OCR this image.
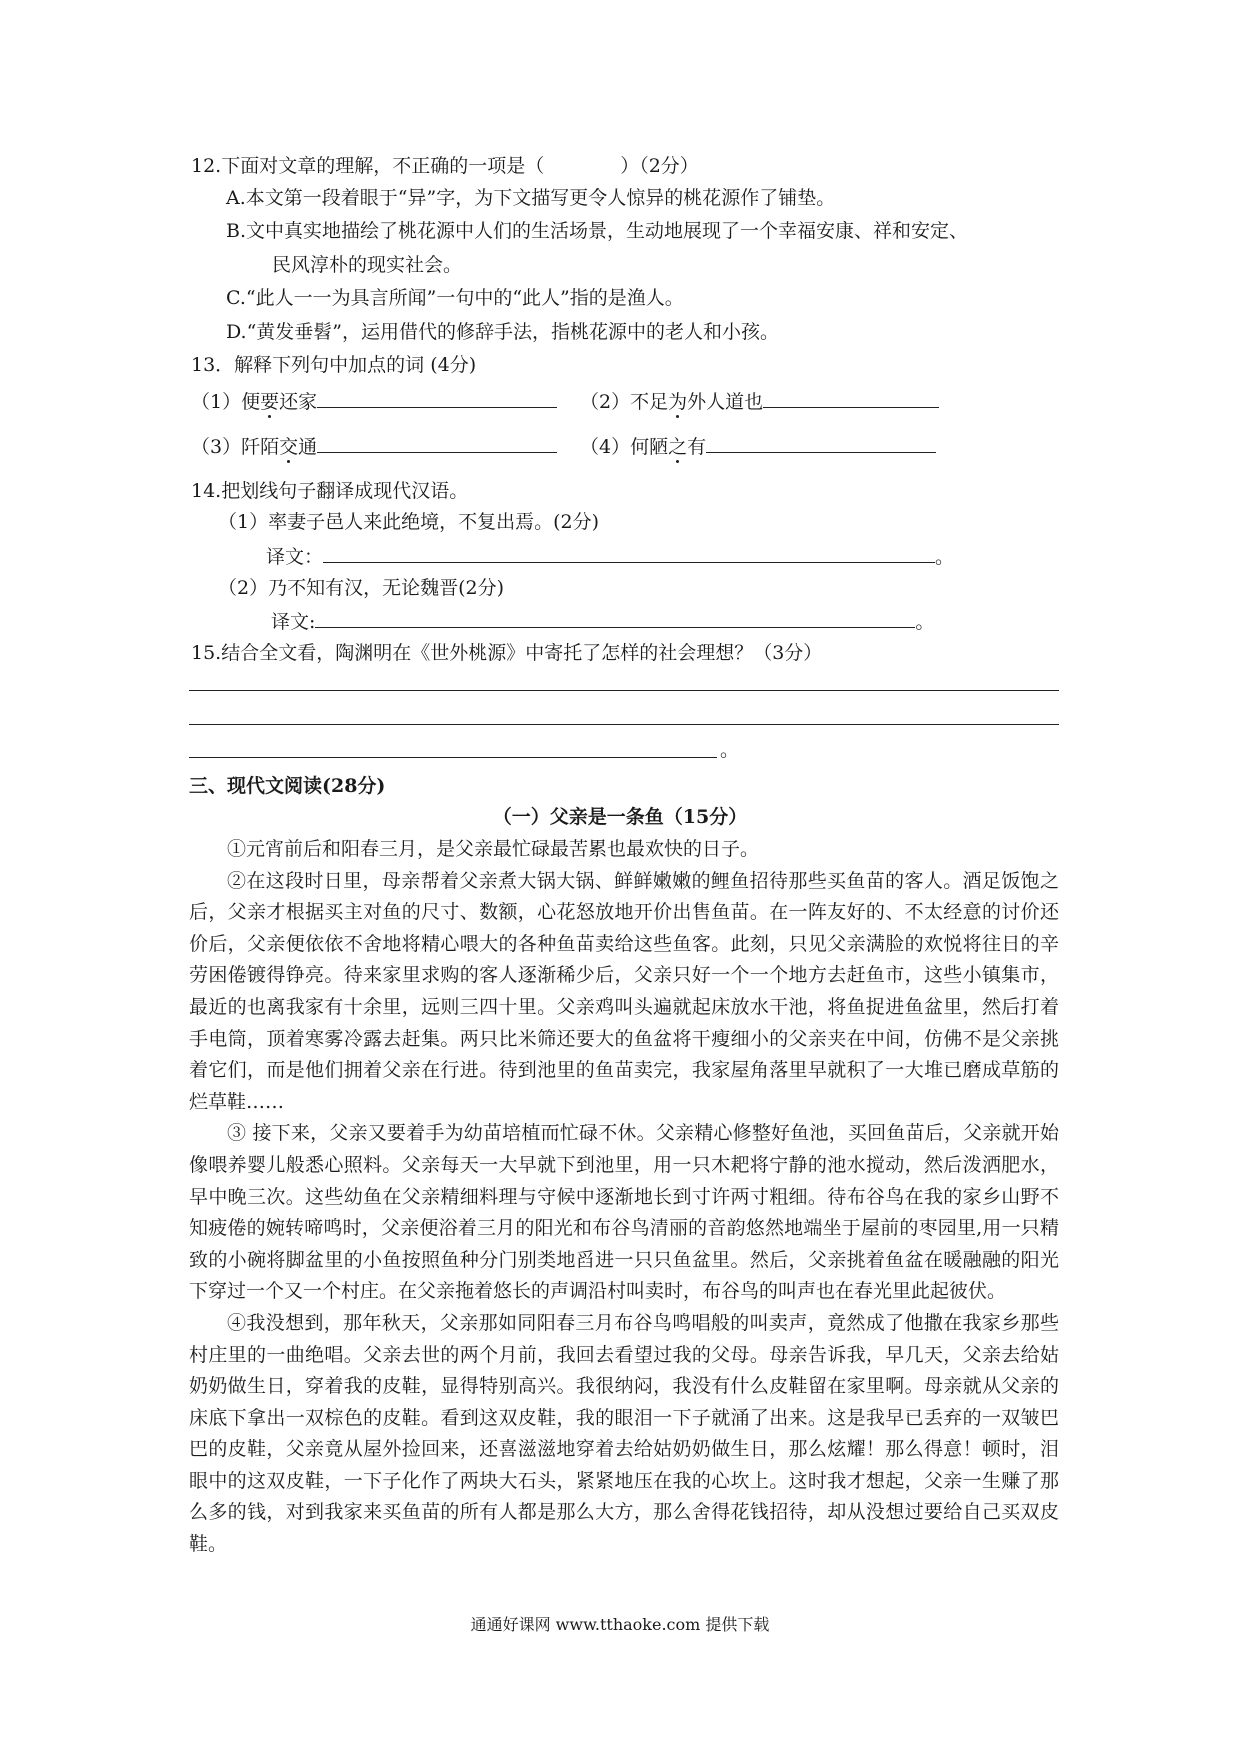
12.下面对文章的理解，不正确的一项是（　　　　）（2分）
A.本文第一段着眼于“异”字，为下文描写更令人惊异的桃花源作了铺垫。
B.文中真实地描绘了桃花源中人们的生活场景，生动地展现了一个幸福安康、祥和安定、
民风淳朴的现实社会。
C.“此人一一为具言所闻”一句中的“此人”指的是渔人。
D.“黄发垂髫”，运用借代的修辞手法，指桃花源中的老人和小孩。
13．解释下列句中加点的词 (4分)
（1）便要还家	（2）不足为外人道也
（3）阡陌交通	（4）何陋之有
14.把划线句子翻译成现代汉语。
（1）率妻子邑人来此绝境，不复出焉。(2分)
译文：	。
（2）乃不知有汉，无论魏晋(2分)
译文:	。
15.结合全文看，陶渊明在《世外桃源》中寄托了怎样的社会理想？（3分）
。
三、现代文阅读(28分)
（一）父亲是一条鱼（15分）

①元宵前后和阳春三月，是父亲最忙碌最苦累也最欢快的日子。

②在这段时日里，母亲帮着父亲煮大锅大锅、鲜鲜嫩嫩的鲤鱼招待那些买鱼苗的客人。酒足饭饱之后，父亲才根据买主对鱼的尺寸、数额，心花怒放地开价出售鱼苗。在一阵友好的、不太经意的讨价还价后，父亲便依依不舍地将精心喂大的各种鱼苗卖给这些鱼客。此刻，只见父亲满脸的欢悦将往日的辛劳困倦镀得铮亮。待来家里求购的客人逐渐稀少后，父亲只好一个一个地方去赶鱼市，这些小镇集市，最近的也离我家有十余里，远则三四十里。父亲鸡叫头遍就起床放水干池，将鱼捉进鱼盆里，然后打着手电筒，顶着寒雾冷露去赶集。两只比米筛还要大的鱼盆将干瘦细小的父亲夹在中间，仿佛不是父亲挑着它们，而是他们拥着父亲在行进。待到池里的鱼苗卖完，我家屋角落里早就积了一大堆已磨成草筋的烂草鞋……

③ 接下来，父亲又要着手为幼苗培植而忙碌不休。父亲精心修整好鱼池，买回鱼苗后，父亲就开始像喂养婴儿般悉心照料。父亲每天一大早就下到池里，用一只木耙将宁静的池水搅动，然后泼洒肥水，早中晚三次。这些幼鱼在父亲精细料理与守候中逐渐地长到寸许两寸粗细。待布谷鸟在我的家乡山野不知疲倦的婉转啼鸣时，父亲便浴着三月的阳光和布谷鸟清丽的音韵悠然地端坐于屋前的枣园里,用一只精致的小碗将脚盆里的小鱼按照鱼种分门别类地舀进一只只鱼盆里。然后，父亲挑着鱼盆在暖融融的阳光下穿过一个又一个村庄。在父亲拖着悠长的声调沿村叫卖时，布谷鸟的叫声也在春光里此起彼伏。

④我没想到，那年秋天，父亲那如同阳春三月布谷鸟鸣唱般的叫卖声，竟然成了他撒在我家乡那些村庄里的一曲绝唱。父亲去世的两个月前，我回去看望过我的父母。母亲告诉我，早几天，父亲去给姑奶奶做生日，穿着我的皮鞋，显得特别高兴。我很纳闷，我没有什么皮鞋留在家里啊。母亲就从父亲的床底下拿出一双棕色的皮鞋。看到这双皮鞋，我的眼泪一下子就涌了出来。这是我早已丢弃的一双皱巴巴的皮鞋，父亲竟从屋外捡回来，还喜滋滋地穿着去给姑奶奶做生日，那么炫耀！那么得意！顿时，泪眼中的这双皮鞋，一下子化作了两块大石头，紧紧地压在我的心坎上。这时我才想起，父亲一生赚了那么多的钱，对到我家来买鱼苗的所有人都是那么大方，那么舍得花钱招待，却从没想过要给自己买双皮鞋。

通通好课网 www.tthaoke.com 提供下载
